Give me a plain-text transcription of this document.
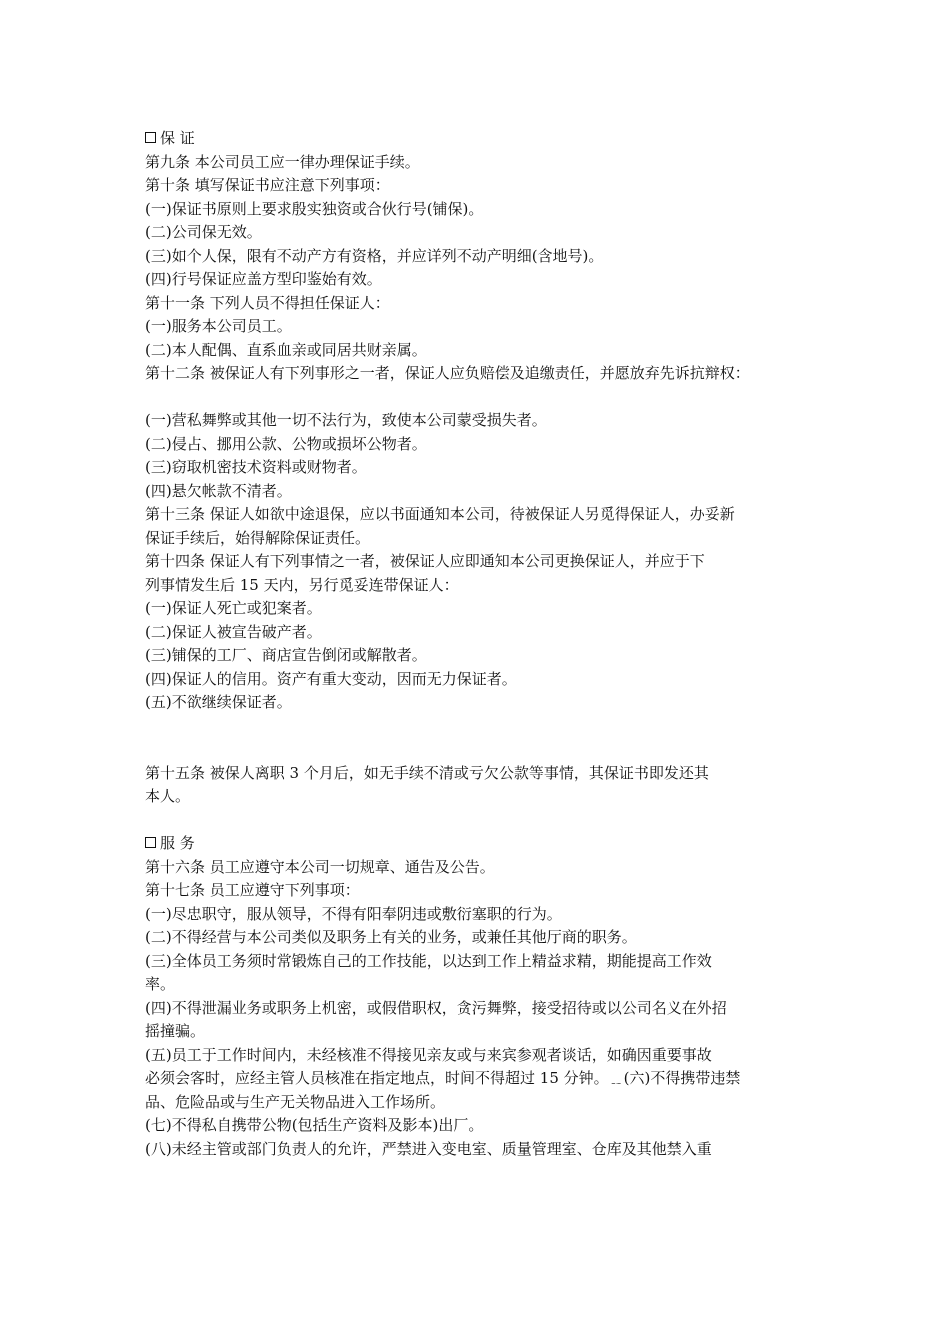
保 证
第九条 本公司员工应一律办理保证手续。
第十条 填写保证书应注意下列事项：
(一)保证书原则上要求殷实独资或合伙行号(铺保)。
(二)公司保无效。
(三)如个人保，限有不动产方有资格，并应详列不动产明细(含地号)。
(四)行号保证应盖方型印鉴始有效。
第十一条 下列人员不得担任保证人：
(一)服务本公司员工。
(二)本人配偶、直系血亲或同居共财亲属。
第十二条 被保证人有下列事形之一者，保证人应负赔偿及追缴责任，并愿放弃先诉抗辩权：
(一)营私舞弊或其他一切不法行为，致使本公司蒙受损失者。
(二)侵占、挪用公款、公物或损坏公物者。
(三)窃取机密技术资料或财物者。
(四)悬欠帐款不清者。
第十三条 保证人如欲中途退保，应以书面通知本公司，待被保证人另觅得保证人，办妥新
保证手续后，始得解除保证责任。
第十四条 保证人有下列事情之一者，被保证人应即通知本公司更换保证人，并应于下
列事情发生后 15 天内，另行觅妥连带保证人：
(一)保证人死亡或犯案者。
(二)保证人被宣告破产者。
(三)铺保的工厂、商店宣告倒闭或解散者。
(四)保证人的信用。资产有重大变动，因而无力保证者。
(五)不欲继续保证者。
第十五条 被保人离职 3 个月后，如无手续不清或亏欠公款等事情，其保证书即发还其
本人。
服 务
第十六条 员工应遵守本公司一切规章、通告及公告。
第十七条 员工应遵守下列事项：
(一)尽忠职守，服从领导，不得有阳奉阴违或敷衍塞职的行为。
(二)不得经营与本公司类似及职务上有关的业务，或兼任其他厅商的职务。
(三)全体员工务须时常锻炼自己的工作技能，以达到工作上精益求精，期能提高工作效
率。
(四)不得泄漏业务或职务上机密，或假借职权，贪污舞弊，接受招待或以公司名义在外招
摇撞骗。
(五)员工于工作时间内，未经核准不得接见亲友或与来宾参观者谈话，如确因重要事故
必须会客时，应经主管人员核准在指定地点，时间不得超过 15 分钟。﹎(六)不得携带违禁
品、危险品或与生产无关物品进入工作场所。
(七)不得私自携带公物(包括生产资料及影本)出厂。
(八)未经主管或部门负责人的允许，严禁进入变电室、质量管理室、仓库及其他禁入重
